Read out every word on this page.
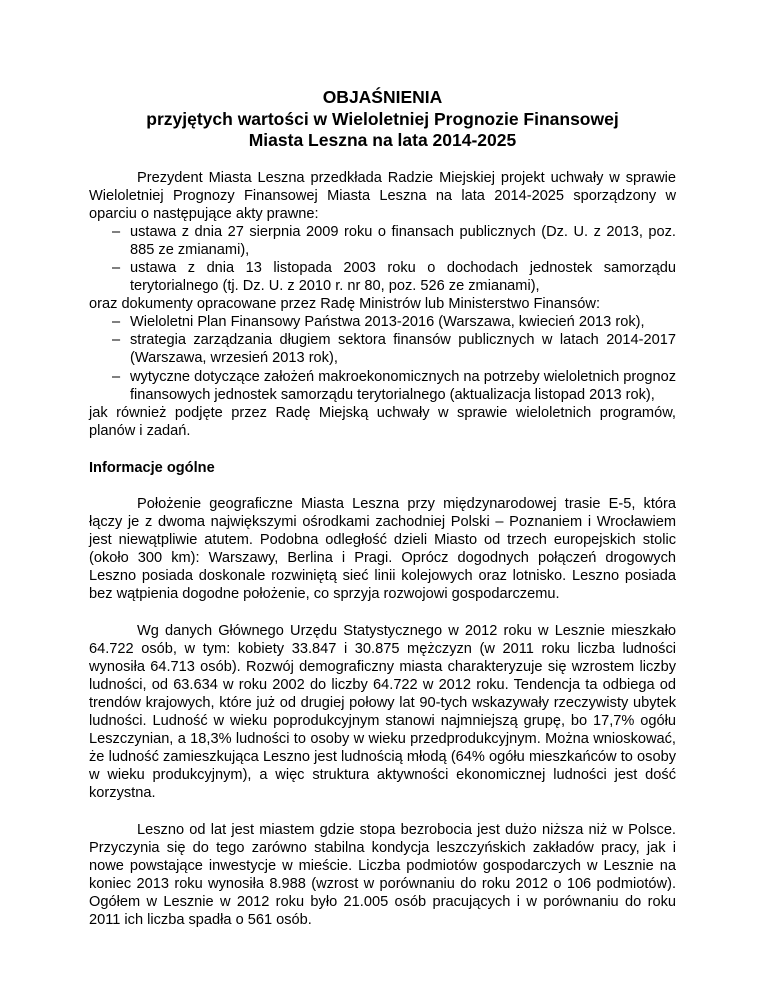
OBJAŚNIENIA
przyjętych wartości w Wieloletniej Prognozie Finansowej
Miasta Leszna na lata 2014-2025

Prezydent Miasta Leszna przedkłada Radzie Miejskiej projekt uchwały w sprawie Wieloletniej Prognozy Finansowej Miasta Leszna na lata 2014-2025 sporządzony w oparciu o następujące akty prawne:

– ustawa z dnia 27 sierpnia 2009 roku o finansach publicznych (Dz. U. z 2013, poz. 885 ze zmianami),
– ustawa z dnia 13 listopada 2003 roku o dochodach jednostek samorządu terytorialnego (tj. Dz. U. z 2010 r. nr 80, poz. 526 ze zmianami),

oraz dokumenty opracowane przez Radę Ministrów lub Ministerstwo Finansów:

– Wieloletni Plan Finansowy Państwa 2013-2016 (Warszawa, kwiecień 2013 rok),
– strategia zarządzania długiem sektora finansów publicznych w latach 2014-2017 (Warszawa, wrzesień 2013 rok),
– wytyczne dotyczące założeń makroekonomicznych na potrzeby wieloletnich prognoz finansowych jednostek samorządu terytorialnego (aktualizacja listopad 2013 rok),

jak również podjęte przez Radę Miejską uchwały w sprawie wieloletnich programów, planów i zadań.

Informacje ogólne

Położenie geograficzne Miasta Leszna przy międzynarodowej trasie E-5, która łączy je z dwoma największymi ośrodkami zachodniej Polski – Poznaniem i Wrocławiem jest niewątpliwie atutem. Podobna odległość dzieli Miasto od trzech europejskich stolic (około 300 km): Warszawy, Berlina i Pragi. Oprócz dogodnych połączeń drogowych Leszno posiada doskonale rozwiniętą sieć linii kolejowych oraz lotnisko. Leszno posiada bez wątpienia dogodne położenie, co sprzyja rozwojowi gospodarczemu.

Wg danych Głównego Urzędu Statystycznego w 2012 roku w Lesznie mieszkało 64.722 osób, w tym: kobiety 33.847 i 30.875 mężczyzn (w 2011 roku liczba ludności wynosiła 64.713 osób). Rozwój demograficzny miasta charakteryzuje się wzrostem liczby ludności, od 63.634 w roku 2002 do liczby 64.722 w 2012 roku. Tendencja ta odbiega od trendów krajowych, które już od drugiej połowy lat 90-tych wskazywały rzeczywisty ubytek ludności. Ludność w wieku poprodukcyjnym stanowi najmniejszą grupę, bo 17,7% ogółu Leszczynian, a 18,3% ludności to osoby w wieku przedprodukcyjnym. Można wnioskować, że ludność zamieszkująca Leszno jest ludnością młodą (64% ogółu mieszkańców to osoby w wieku produkcyjnym), a więc struktura aktywności ekonomicznej ludności jest dość korzystna.

Leszno od lat jest miastem gdzie stopa bezrobocia jest dużo niższa niż w Polsce. Przyczynia się do tego zarówno stabilna kondycja leszczyńskich zakładów pracy, jak i nowe powstające inwestycje w mieście. Liczba podmiotów gospodarczych w Lesznie na koniec 2013 roku wynosiła 8.988 (wzrost w porównaniu do roku 2012 o 106 podmiotów). Ogółem w Lesznie w 2012 roku było 21.005 osób pracujących i w porównaniu do roku 2011 ich liczba spadła o 561 osób.
